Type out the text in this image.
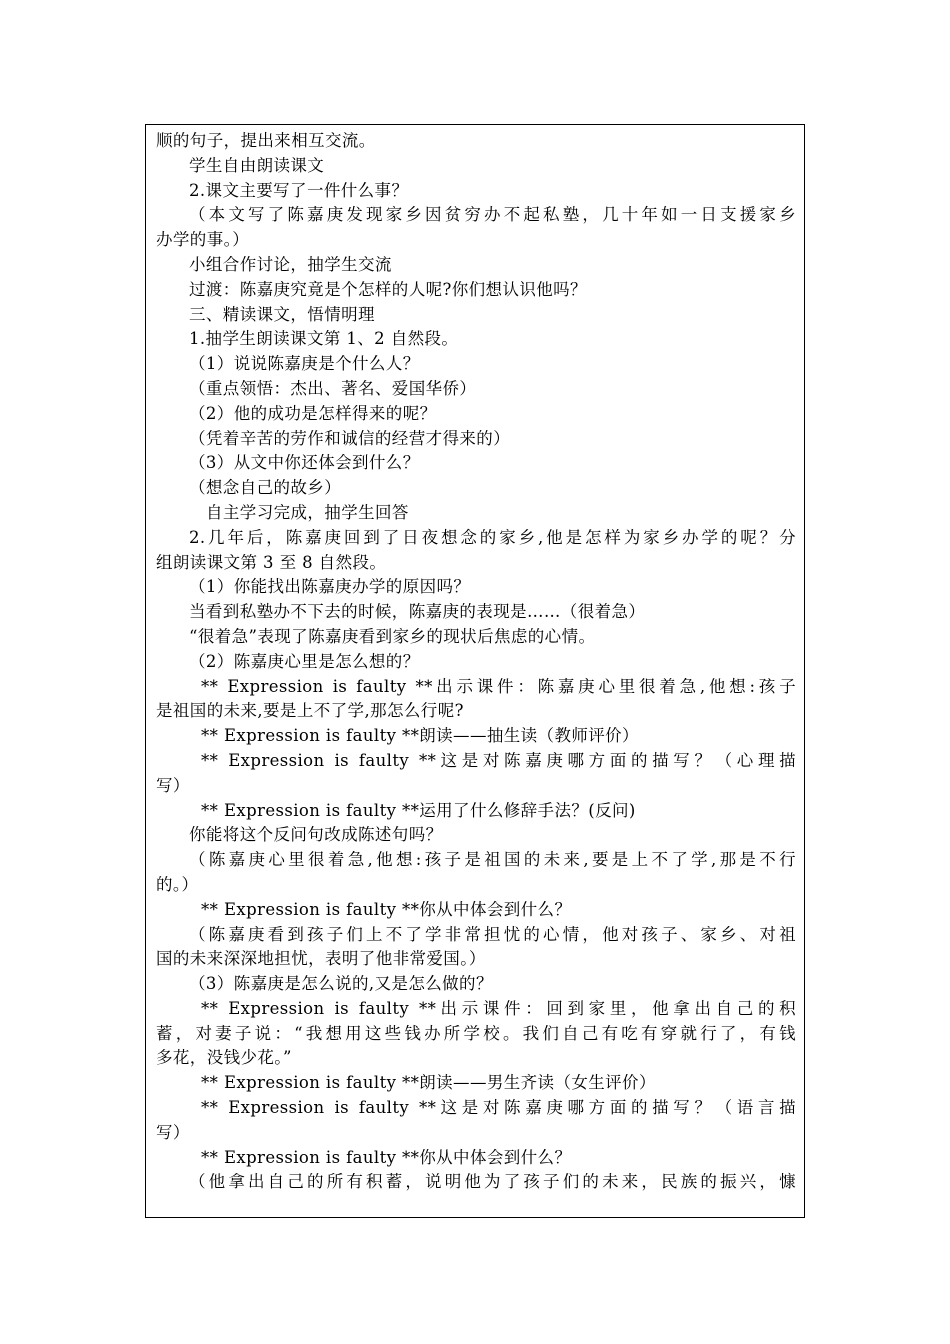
顺的句子，提出来相互交流。
学生自由朗读课文
2.课文主要写了一件什么事？
（本文写了陈嘉庚发现家乡因贫穷办不起私塾，几十年如一日支援家乡
办学的事。）
小组合作讨论，抽学生交流
过渡：陈嘉庚究竟是个怎样的人呢?你们想认识他吗？
三、精读课文，悟情明理
1.抽学生朗读课文第 1、2 自然段。
（1）说说陈嘉庚是个什么人？
（重点领悟：杰出、著名、爱国华侨）
（2）他的成功是怎样得来的呢？
（凭着辛苦的劳作和诚信的经营才得来的）
（3）从文中你还体会到什么？
（想念自己的故乡）
自主学习完成，抽学生回答
2.几年后，陈嘉庚回到了日夜想念的家乡,他是怎样为家乡办学的呢？分
组朗读课文第 3 至 8 自然段。
（1）你能找出陈嘉庚办学的原因吗？
当看到私塾办不下去的时候，陈嘉庚的表现是……（很着急）
“很着急”表现了陈嘉庚看到家乡的现状后焦虑的心情。
（2）陈嘉庚心里是怎么想的？
** Expression is faulty **出示课件：陈嘉庚心里很着急,他想:孩子
是祖国的未来,要是上不了学,那怎么行呢?
** Expression is faulty **朗读——抽生读（教师评价）
** Expression is faulty **这是对陈嘉庚哪方面的描写？（心理描
写）
** Expression is faulty **运用了什么修辞手法？(反问)
你能将这个反问句改成陈述句吗？
（陈嘉庚心里很着急,他想:孩子是祖国的未来,要是上不了学,那是不行
的。）
** Expression is faulty **你从中体会到什么？
（陈嘉庚看到孩子们上不了学非常担忧的心情，他对孩子、家乡、对祖
国的未来深深地担忧，表明了他非常爱国。）
（3）陈嘉庚是怎么说的,又是怎么做的？
** Expression is faulty **出示课件：回到家里，他拿出自己的积
蓄，对妻子说：“我想用这些钱办所学校。我们自己有吃有穿就行了，有钱
多花，没钱少花。”
** Expression is faulty **朗读——男生齐读（女生评价）
** Expression is faulty **这是对陈嘉庚哪方面的描写？（语言描
写）
** Expression is faulty **你从中体会到什么？
（他拿出自己的所有积蓄，说明他为了孩子们的未来，民族的振兴，慷
